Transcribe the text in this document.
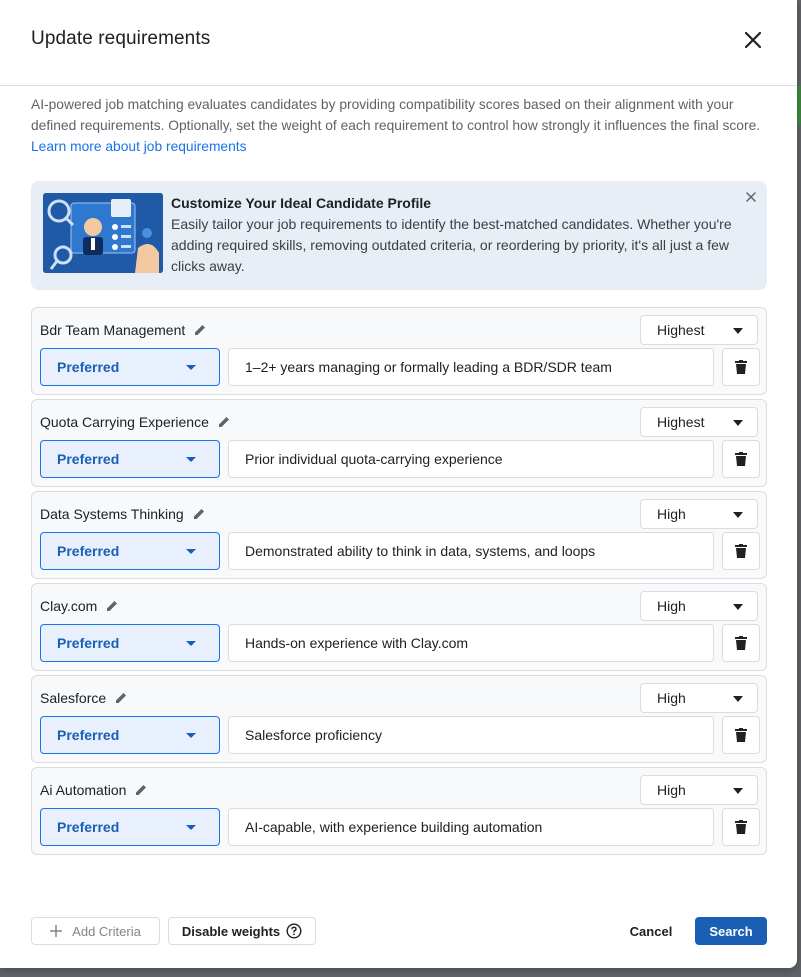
Update requirements
AI-powered job matching evaluates candidates by providing compatibility scores based on their alignment with your defined requirements. Optionally, set the weight of each requirement to control how strongly it influences the final score. Learn more about job requirements
Customize Your Ideal Candidate Profile
Easily tailor your job requirements to identify the best-matched candidates. Whether you're adding required skills, removing outdated criteria, or reordering by priority, it's all just a few clicks away.
Bdr Team Management	Highest
Preferred	1–2+ years managing or formally leading a BDR/SDR team
Quota Carrying Experience	Highest
Preferred	Prior individual quota-carrying experience
Data Systems Thinking	High
Preferred	Demonstrated ability to think in data, systems, and loops
Clay.com	High
Preferred	Hands-on experience with Clay.com
Salesforce	High
Preferred	Salesforce proficiency
Ai Automation	High
Preferred	AI-capable, with experience building automation
Add Criteria	Disable weights	Cancel	Search
